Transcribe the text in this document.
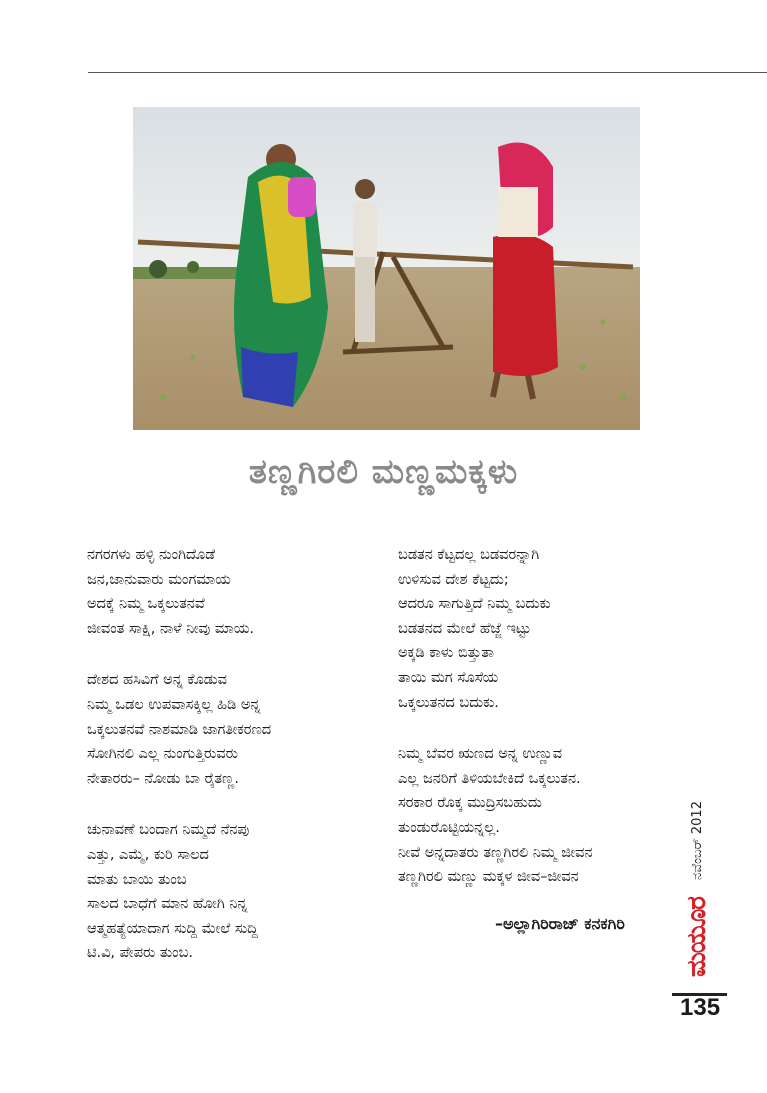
ತಣ್ಣಗಿರಲಿ ಮಣ್ಣಮಕ್ಕಳು
ನಗರಗಳು ಹಳ್ಳಿ ನುಂಗಿದೊಡೆ
ಜನ,ಜಾನುವಾರು ಮಂಗಮಾಯ
ಅದಕ್ಕೆ ನಿಮ್ಮ ಒಕ್ಕಲುತನವೆ
ಜೀವಂತ ಸಾಕ್ಷಿ, ನಾಳೆ ನೀವು ಮಾಯ.
ದೇಶದ ಹಸಿವಿಗೆ ಅನ್ನ ಕೊಡುವ
ನಿಮ್ಮ ಒಡಲ ಉಪವಾಸಕ್ಕಿಲ್ಲ ಹಿಡಿ ಅನ್ನ
ಒಕ್ಕಲುತನವೆ ನಾಶಮಾಡಿ ಜಾಗತೀಕರಣದ
ಸೋಗಿನಲಿ ಎಲ್ಲ ನುಂಗುತ್ತಿರುವರು
ನೇತಾರರು– ನೋಡು ಬಾ ರೈತಣ್ಣ.
ಚುನಾವಣೆ ಬಂದಾಗ ನಿಮ್ಮದೆ ನೆನಪು
ಎತ್ತು, ಎಮ್ಮೆ, ಕುರಿ ಸಾಲದ
ಮಾತು ಬಾಯಿ ತುಂಬ
ಸಾಲದ ಬಾಧೆಗೆ ಮಾನ ಹೋಗಿ ನಿನ್ನ
ಆತ್ಮಹತ್ಯೆಯಾದಾಗ ಸುದ್ದಿ ಮೇಲೆ ಸುದ್ದಿ
ಟಿ.ವಿ, ಪೇಪರು ತುಂಬ.
ಬಡತನ ಕೆಟ್ಟದಲ್ಲ ಬಡವರನ್ನಾಗಿ
ಉಳಿಸುವ ದೇಶ ಕೆಟ್ಟದು;
ಆದರೂ ಸಾಗುತ್ತಿದೆ ನಿಮ್ಮ ಬದುಕು
ಬಡತನದ ಮೇಲೆ ಹೆಜ್ಜೆ ಇಟ್ಟು
ಅಕ್ಕಡಿ ಕಾಳು ಬಿತ್ತುತಾ
ತಾಯಿ ಮಗ ಸೊಸೆಯ
ಒಕ್ಕಲುತನದ ಬದುಕು.
ನಿಮ್ಮ ಬೆವರ ಋಣದ ಅನ್ನ ಉಣ್ಣುವ
ಎಲ್ಲ ಜನರಿಗೆ ತಿಳಿಯಬೇಕಿದೆ ಒಕ್ಕಲುತನ.
ಸರಕಾರ ರೊಕ್ಕ ಮುದ್ರಿಸಬಹುದು
ತುಂಡುರೊಟ್ಟಿಯನ್ನಲ್ಲ.
ನೀವೆ ಅನ್ನದಾತರು ತಣ್ಣಗಿರಲಿ ನಿಮ್ಮ ಜೀವನ
ತಣ್ಣಗಿರಲಿ ಮಣ್ಣು ಮಕ್ಕಳ ಜೀವ–ಜೀವನ
–ಅಲ್ಲಾಗಿರಿರಾಜ್ ಕನಕಗಿರಿ
ನವೆಂಬರ್ 2012
ಮಯೂರ
135
